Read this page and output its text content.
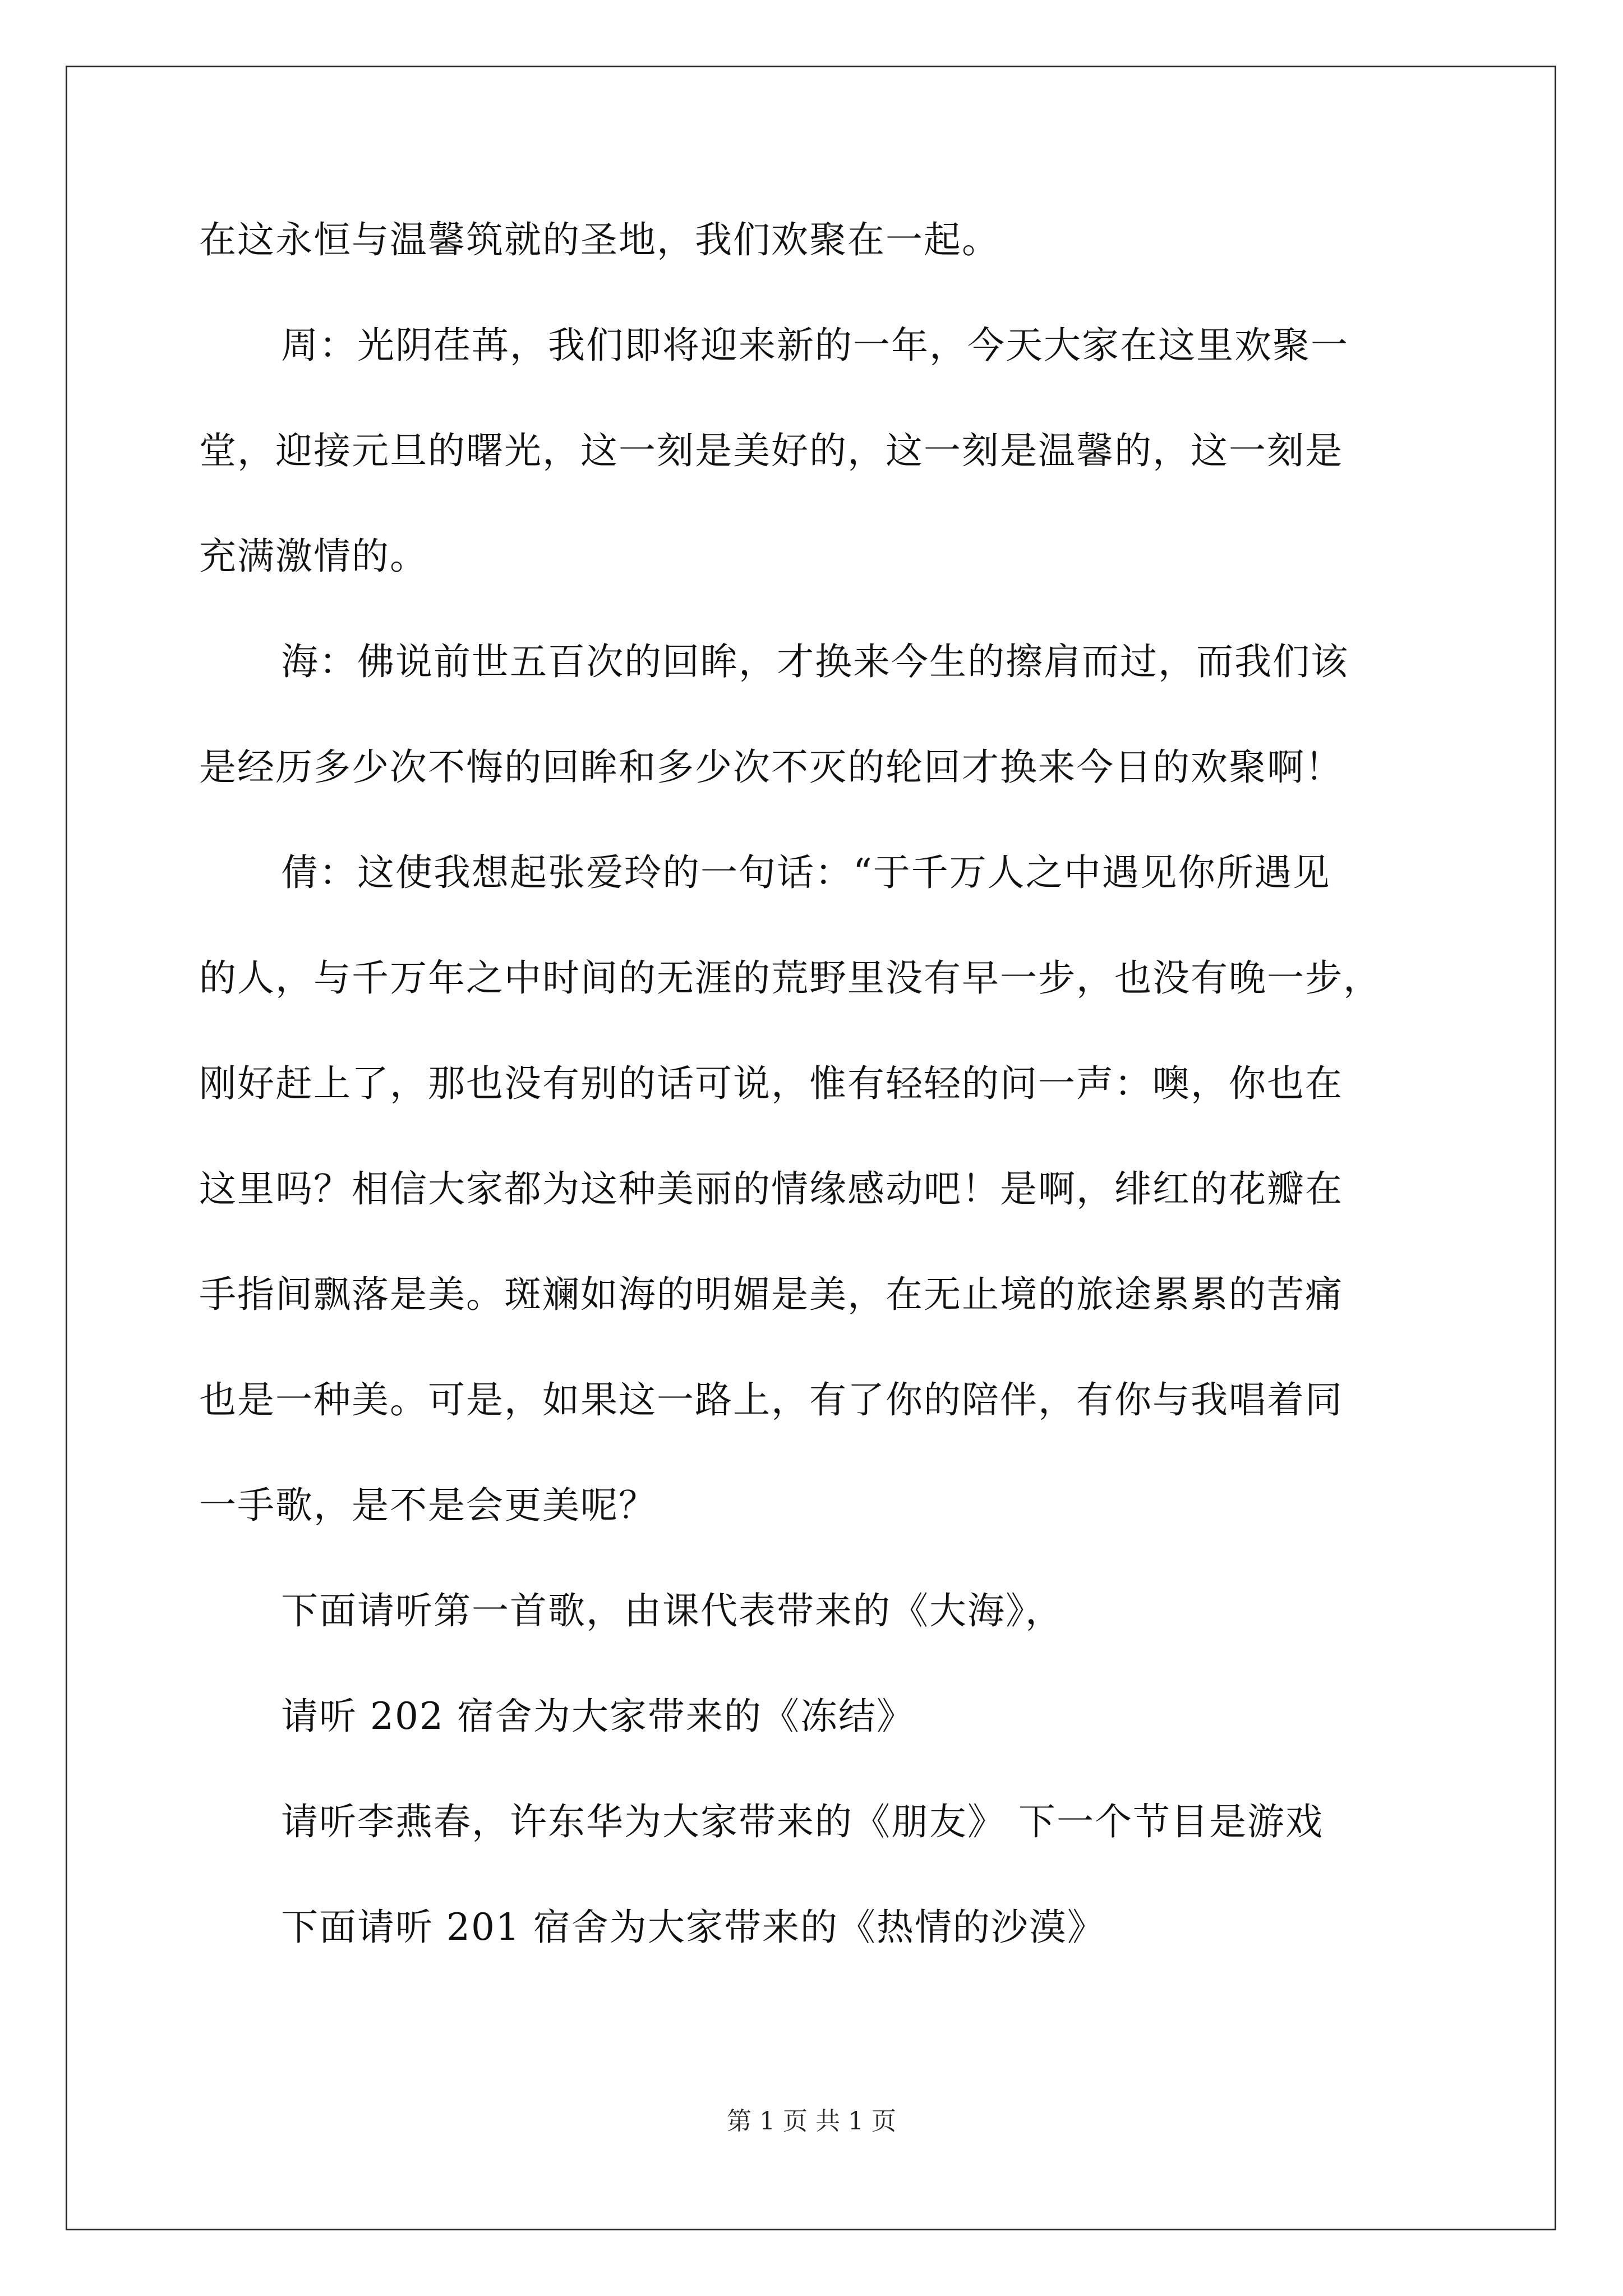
在这永恒与温馨筑就的圣地，我们欢聚在一起。
周：光阴荏苒，我们即将迎来新的一年，今天大家在这里欢聚一
堂，迎接元旦的曙光，这一刻是美好的，这一刻是温馨的，这一刻是
充满激情的。
海：佛说前世五百次的回眸，才换来今生的擦肩而过，而我们该
是经历多少次不悔的回眸和多少次不灭的轮回才换来今日的欢聚啊！
倩：这使我想起张爱玲的一句话：“于千万人之中遇见你所遇见
的人，与千万年之中时间的无涯的荒野里没有早一步，也没有晚一步，
刚好赶上了，那也没有别的话可说，惟有轻轻的问一声：噢，你也在
这里吗？相信大家都为这种美丽的情缘感动吧！是啊，绯红的花瓣在
手指间飘落是美。斑斓如海的明媚是美，在无止境的旅途累累的苦痛
也是一种美。可是，如果这一路上，有了你的陪伴，有你与我唱着同
一手歌，是不是会更美呢？
下面请听第一首歌，由课代表带来的《大海》，
请听 202 宿舍为大家带来的《冻结》
请听李燕春，许东华为大家带来的《朋友》 下一个节目是游戏
下面请听 201 宿舍为大家带来的《热情的沙漠》
第 1 页 共 1 页
